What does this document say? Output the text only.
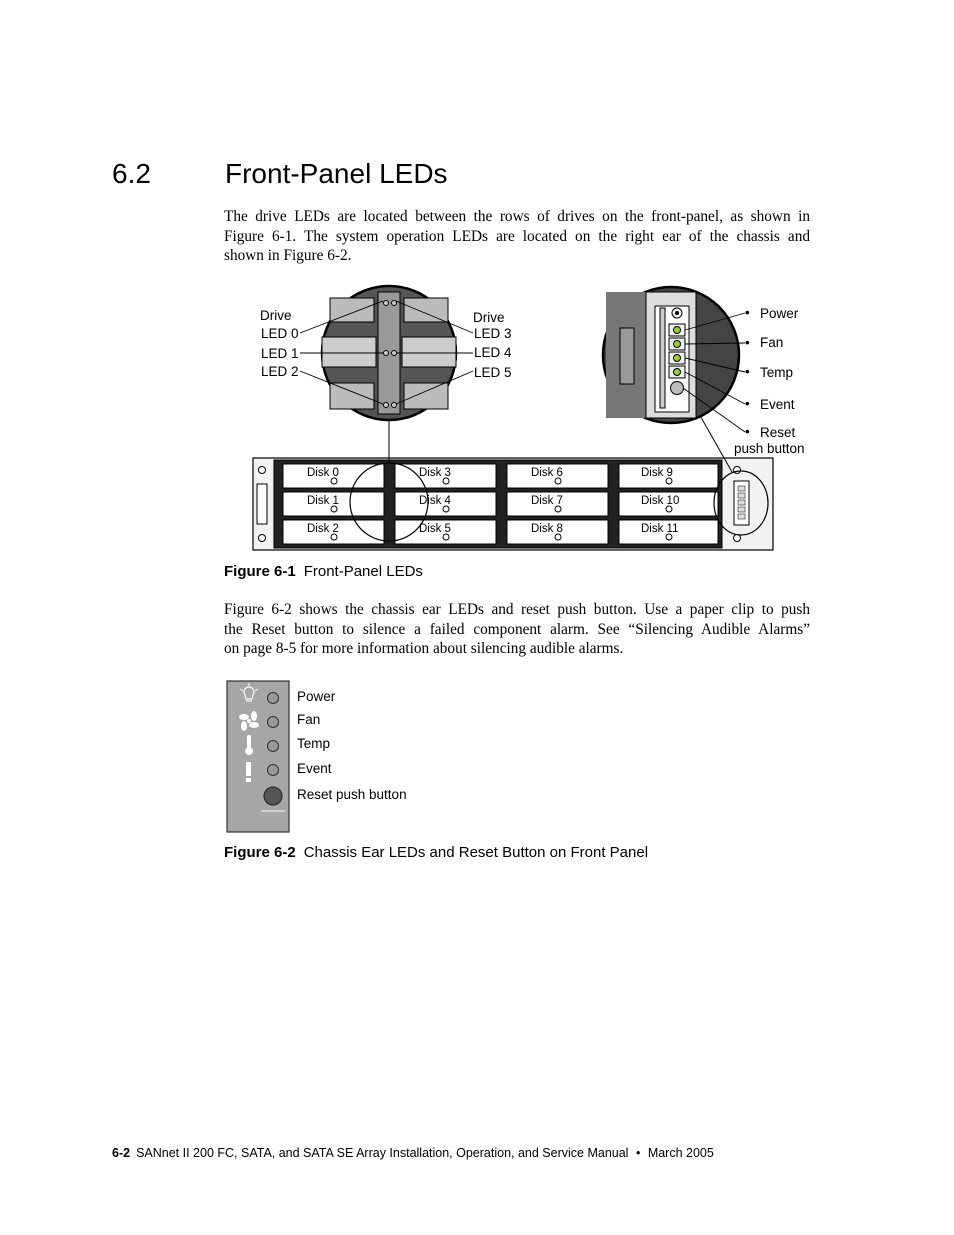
6.2	Front-Panel LEDs
The drive LEDs are located between the rows of drives on the front-panel, as shown in
Figure 6-1. The system operation LEDs are located on the right ear of the chassis and
shown in Figure 6-2.
Disk 0
Disk 1
Disk 2
Disk 3
Disk 4
Disk 5
Disk 6
Disk 7
Disk 8
Disk 9
Disk 10
Disk 11
Drive
LED 0
LED 1
LED 2
Drive
LED 3
LED 4
LED 5
•
•
•
•
•
Power
Fan
Temp
Event
Reset
push button
Figure 6-1 Front-Panel LEDs
Figure 6-2 shows the chassis ear LEDs and reset push button. Use a paper clip to push
the Reset button to silence a failed component alarm. See “Silencing Audible Alarms”
on page 8-5 for more information about silencing audible alarms.
Power
Fan
Temp
Event
Reset push button
Figure 6-2 Chassis Ear LEDs and Reset Button on Front Panel
6-2 SANnet II 200 FC, SATA, and SATA SE Array Installation, Operation, and Service Manual • March 2005
